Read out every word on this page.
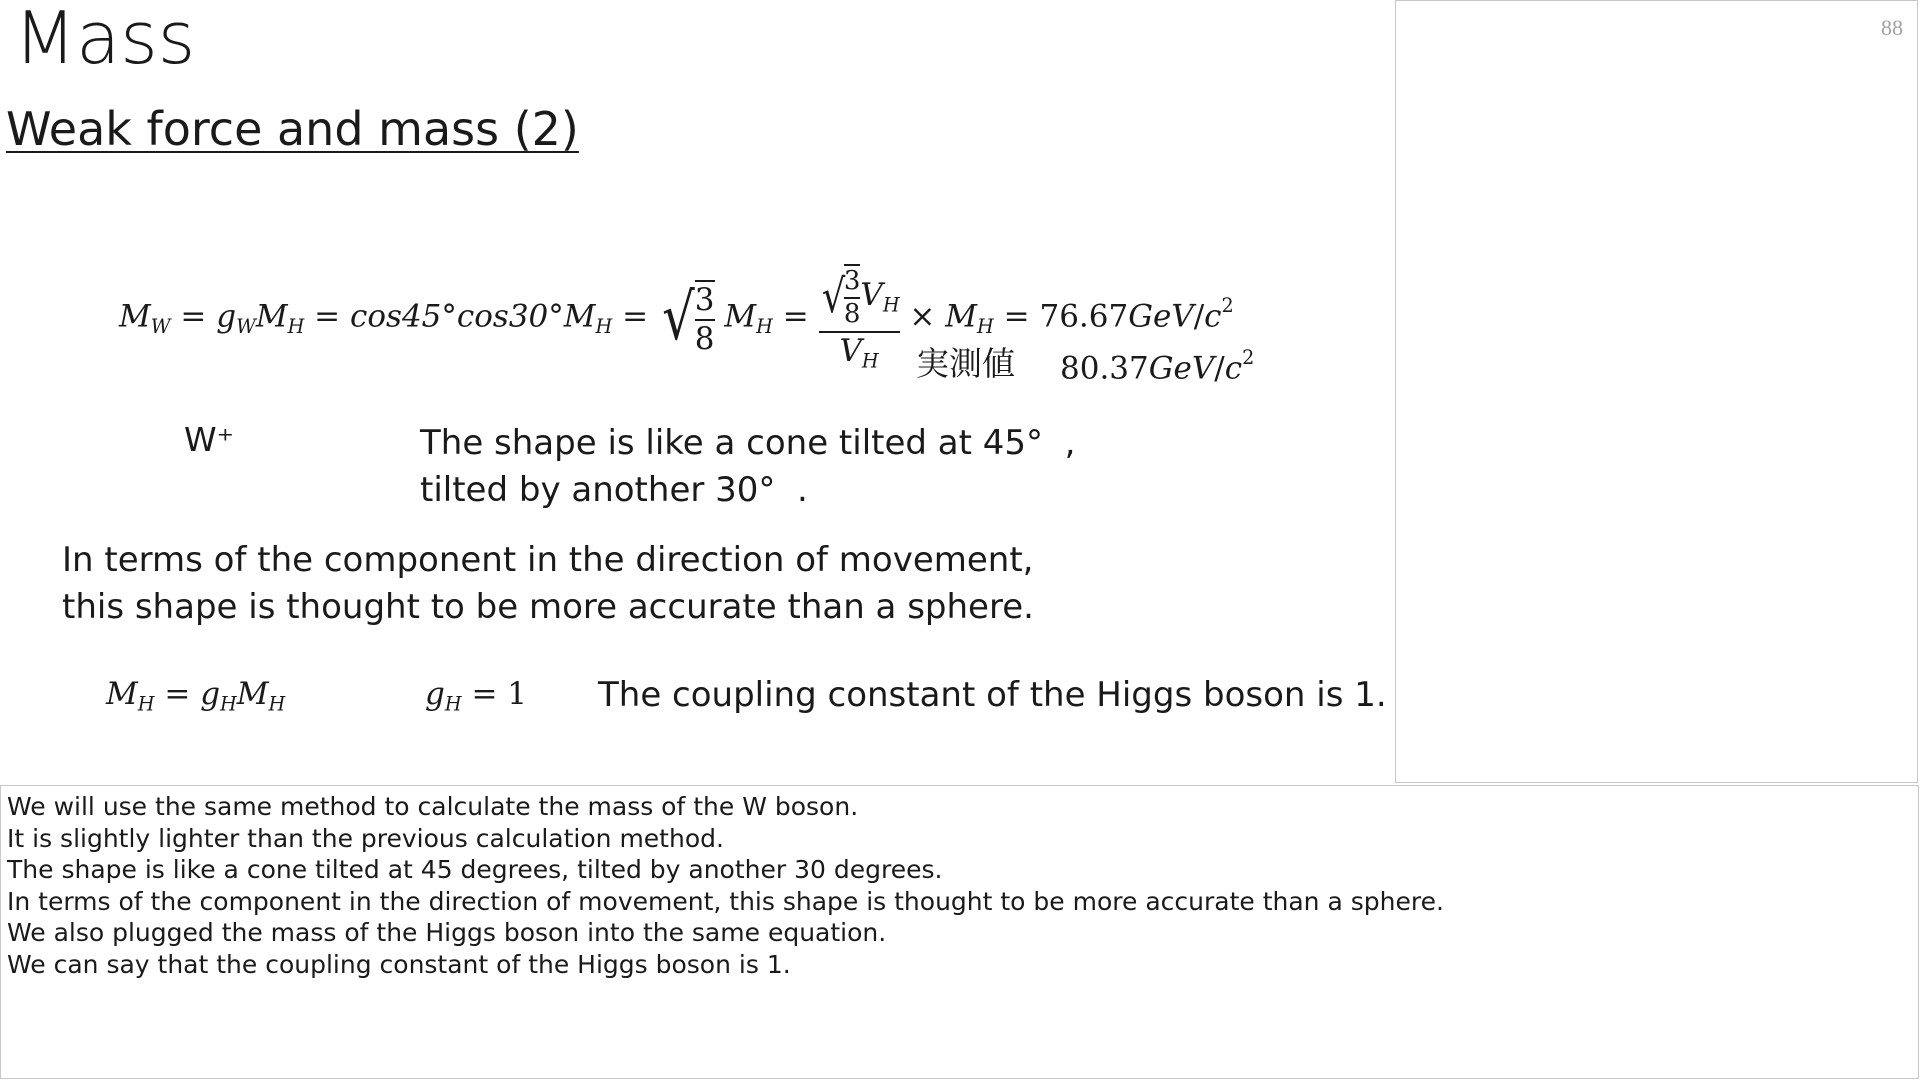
Mass
Weak force and mass (2)
$M_W = g_WM_H = \cos 45^\circ\cos 30^\circ M_H$ = √ $\frac{3}{8} M_H$ = √
$\frac{3}{8} V_H$
$V_H$
× $M_H = 76.67GeV/c^2$
実測値 $80.37GeV/c^2$
W⁺	The shape is like a cone tilted at 45°  ,
tilted by another 30°  .
In terms of the component in the direction of movement,
this shape is thought to be more accurate than a sphere.
$M_H = g_HM_H$	$g_H = 1$ The coupling constant of the Higgs boson is 1.
88
We will use the same method to calculate the mass of the W boson.
It is slightly lighter than the previous calculation method.
The shape is like a cone tilted at 45 degrees, tilted by another 30 degrees.
In terms of the component in the direction of movement, this shape is thought to be more accurate than a sphere.
We also plugged the mass of the Higgs boson into the same equation.
We can say that the coupling constant of the Higgs boson is 1.
